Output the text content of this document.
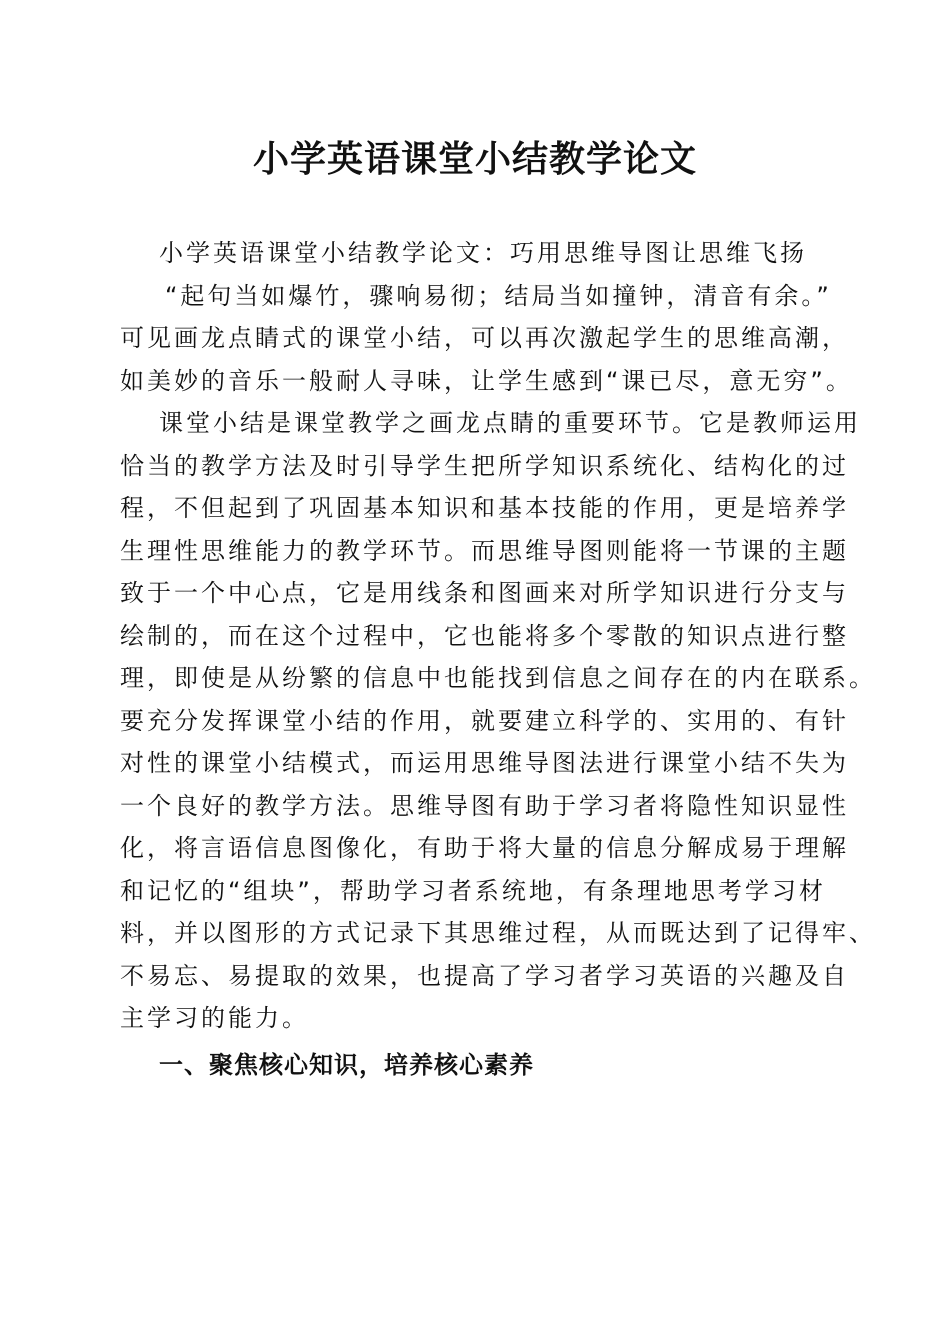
小学英语课堂小结教学论文
小学英语课堂小结教学论文：巧用思维导图让思维飞扬
“起句当如爆竹，骤响易彻；结局当如撞钟，清音有余。”
可见画龙点睛式的课堂小结，可以再次激起学生的思维高潮，
如美妙的音乐一般耐人寻味，让学生感到“课已尽，意无穷”。
课堂小结是课堂教学之画龙点睛的重要环节。它是教师运用
恰当的教学方法及时引导学生把所学知识系统化、结构化的过
程，不但起到了巩固基本知识和基本技能的作用，更是培养学
生理性思维能力的教学环节。而思维导图则能将一节课的主题
致于一个中心点，它是用线条和图画来对所学知识进行分支与
绘制的，而在这个过程中，它也能将多个零散的知识点进行整
理，即使是从纷繁的信息中也能找到信息之间存在的内在联系。
要充分发挥课堂小结的作用，就要建立科学的、实用的、有针
对性的课堂小结模式，而运用思维导图法进行课堂小结不失为
一个良好的教学方法。思维导图有助于学习者将隐性知识显性
化，将言语信息图像化，有助于将大量的信息分解成易于理解
和记忆的“组块”，帮助学习者系统地，有条理地思考学习材
料，并以图形的方式记录下其思维过程，从而既达到了记得牢、
不易忘、易提取的效果，也提高了学习者学习英语的兴趣及自
主学习的能力。
一、聚焦核心知识，培养核心素养
